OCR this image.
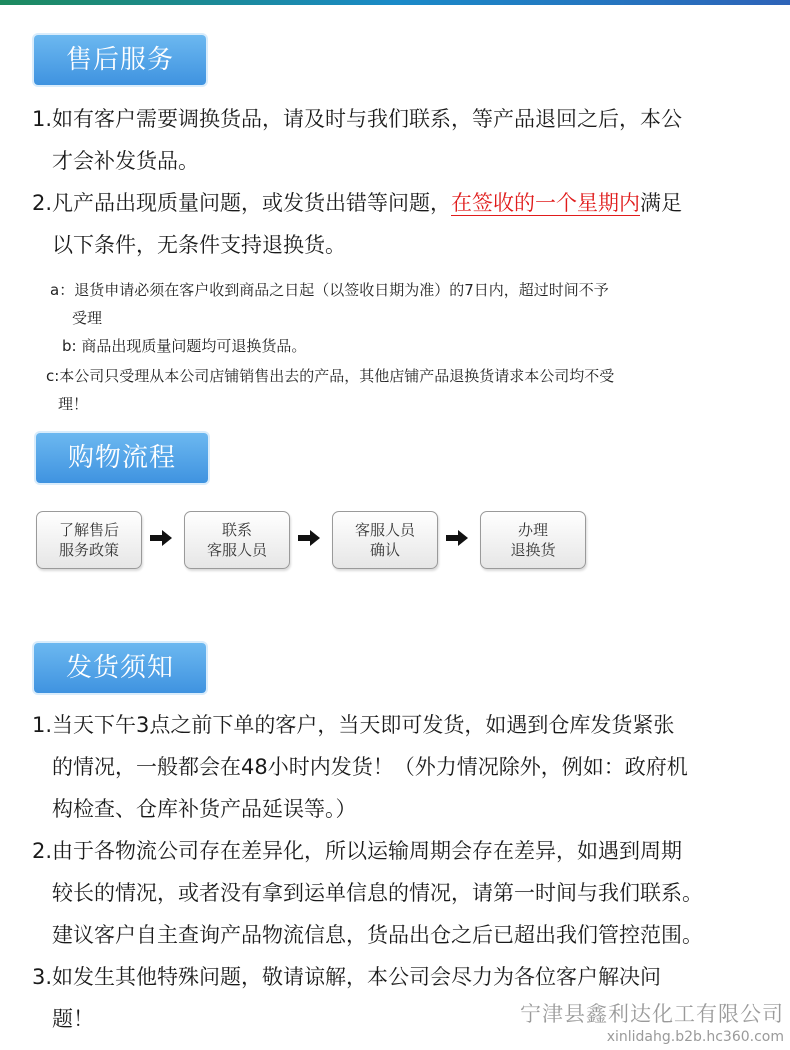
售后服务

1.如有客户需要调换货品，请及时与我们联系，等产品退回之后，本公
才会补发货品。

2.凡产品出现质量问题，或发货出错等问题，在签收的一个星期内满足
以下条件，无条件支持退换货。

a：退货申请必须在客户收到商品之日起（以签收日期为准）的7日内，超过时间不予
受理

b: 商品出现质量问题均可退换货品。

c:本公司只受理从本公司店铺销售出去的产品，其他店铺产品退换货请求本公司均不受
理！

购物流程
了解售后
服务政策
联系
客服人员
客服人员
确认
办理
退换货
发货须知

1.当天下午3点之前下单的客户，当天即可发货，如遇到仓库发货紧张
的情况，一般都会在48小时内发货！（外力情况除外，例如：政府机
构检查、仓库补货产品延误等。）

2.由于各物流公司存在差异化，所以运输周期会存在差异，如遇到周期
较长的情况，或者没有拿到运单信息的情况，请第一时间与我们联系。
建议客户自主查询产品物流信息，货品出仓之后已超出我们管控范围。

3.如发生其他特殊问题，敬请谅解，本公司会尽力为各位客户解决问
题！	宁津县鑫利达化工有限公司
xinlidahg.b2b.hc360.com
